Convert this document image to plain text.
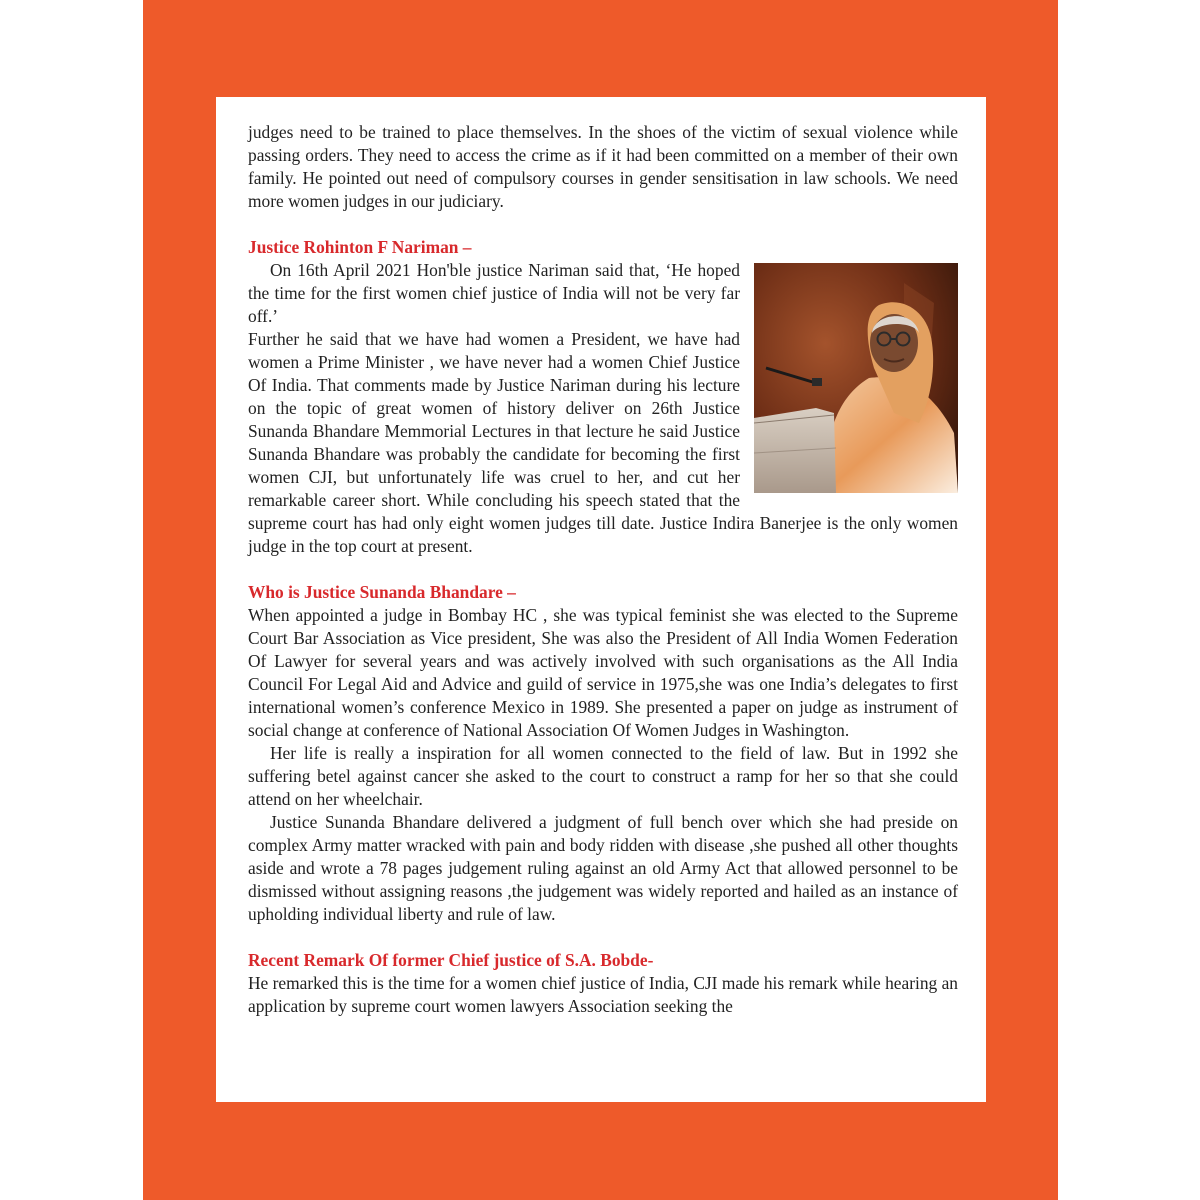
judges need to be trained to place themselves. In the shoes of the victim of sexual violence while passing orders. They need to access the crime as if it had been committed on a member of their own family. He pointed out need of compulsory courses in gender sensitisation in law schools. We need more women judges in our judiciary.

Justice Rohinton F Nariman –

On 16th April 2021 Hon'ble justice Nariman said that, ‘He hoped the time for the first women chief justice of India will not be very far off.’

Further he said that we have had women a President, we have had women a Prime Minister , we have never had a women Chief Justice Of India. That comments made by Justice Nariman during his lecture on the topic of great women of history deliver on 26th Justice Sunanda Bhandare Memmorial Lectures in that lecture he said Justice Sunanda Bhandare was probably the candidate for becoming the first women CJI, but unfortunately life was cruel to her, and cut her remarkable career short. While concluding his speech stated that the supreme court has had only eight women judges till date. Justice Indira Banerjee is the only women judge in the top court at present.

Who is Justice Sunanda Bhandare –

When appointed a judge in Bombay HC , she was typical feminist she was elected to the Supreme Court Bar Association as Vice president, She was also the President of All India Women Federation Of Lawyer for several years and was actively involved with such organisations as the All India Council For Legal Aid and Advice and guild of service in 1975,she was one India’s delegates to first international women’s conference Mexico in 1989. She presented a paper on judge as instrument of social change at conference of National Association Of Women Judges in Washington.

Her life is really a inspiration for all women connected to the field of law. But in 1992 she suffering betel against cancer she asked to the court to construct a ramp for her so that she could attend on her wheelchair.

Justice Sunanda Bhandare delivered a judgment of full bench over which she had preside on complex Army matter wracked with pain and body ridden with disease ,she pushed all other thoughts aside and wrote a 78 pages judgement ruling against an old Army Act that allowed personnel to be dismissed without assigning reasons ,the judgement was widely reported and hailed as an instance of upholding individual liberty and rule of law.

Recent Remark Of former Chief justice of S.A. Bobde-

He remarked this is the time for a women chief justice of India, CJI made his remark while hearing an application by supreme court women lawyers Association seeking the
